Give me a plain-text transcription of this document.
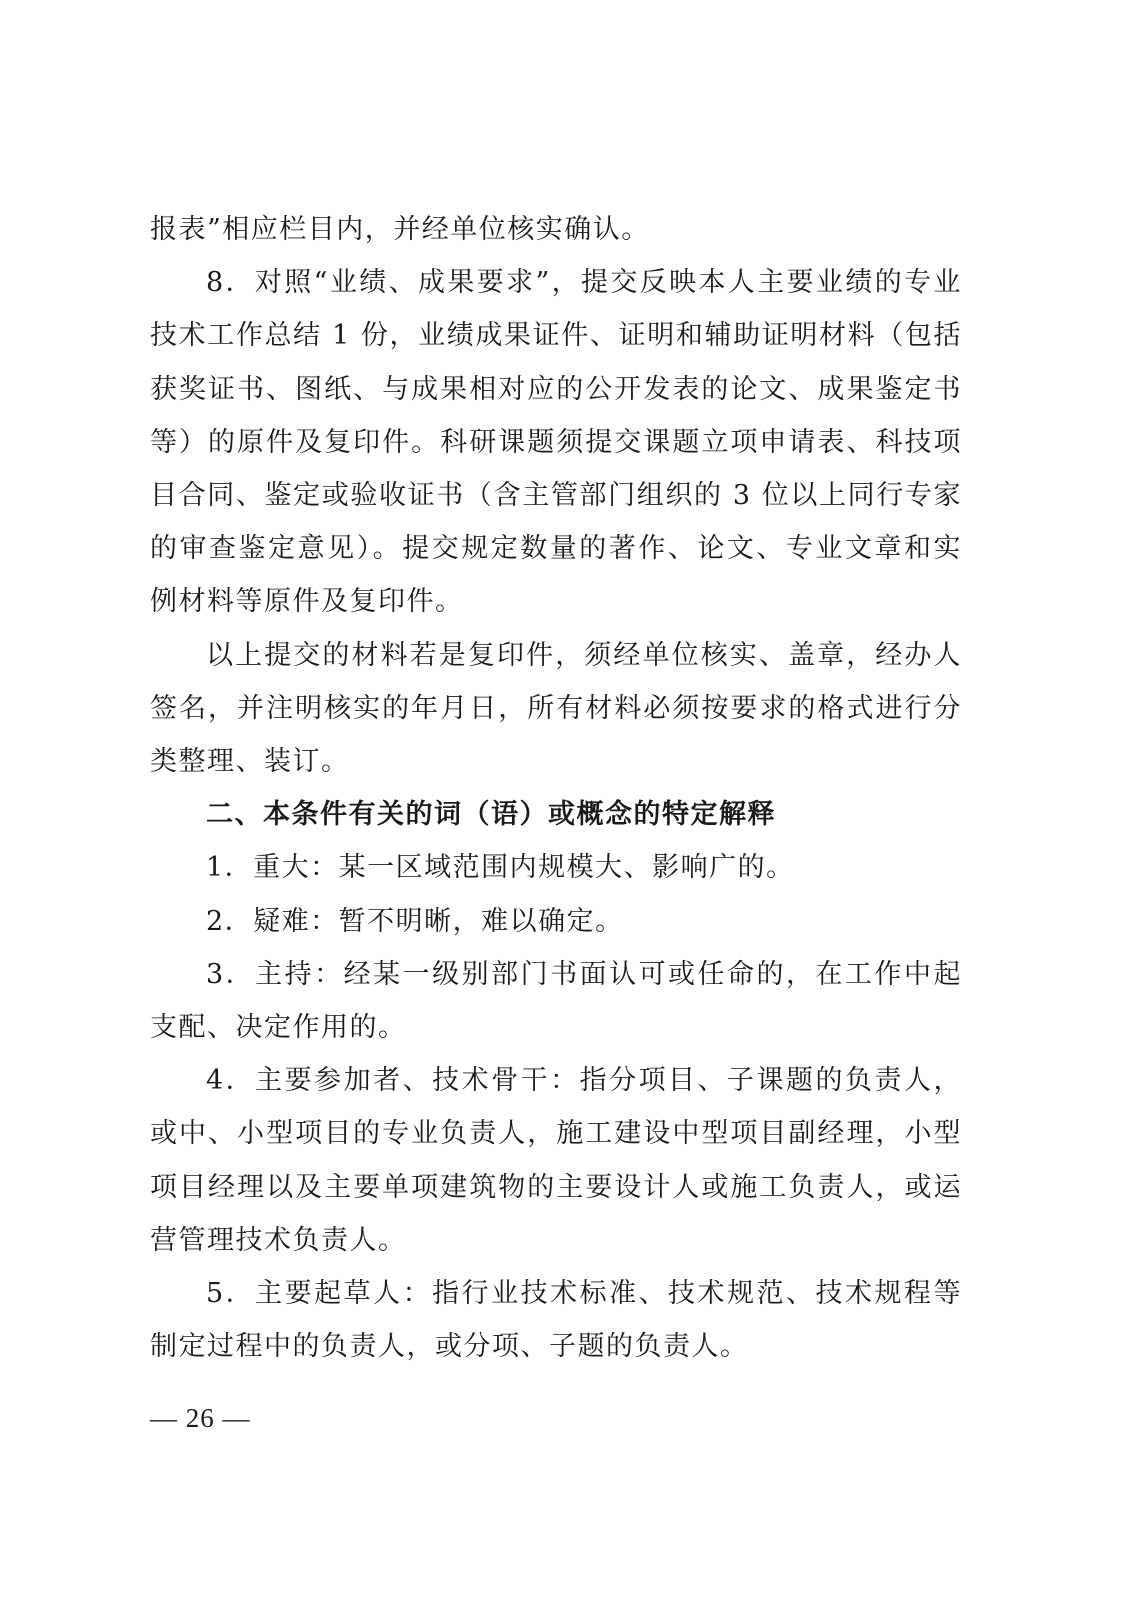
报表”相应栏目内，并经单位核实确认。

8．对照“业绩、成果要求”，提交反映本人主要业绩的专业技术工作总结 1 份，业绩成果证件、证明和辅助证明材料（包括获奖证书、图纸、与成果相对应的公开发表的论文、成果鉴定书等）的原件及复印件。科研课题须提交课题立项申请表、科技项目合同、鉴定或验收证书（含主管部门组织的 3 位以上同行专家的审查鉴定意见）。提交规定数量的著作、论文、专业文章和实例材料等原件及复印件。

以上提交的材料若是复印件，须经单位核实、盖章，经办人签名，并注明核实的年月日，所有材料必须按要求的格式进行分类整理、装订。

二、本条件有关的词（语）或概念的特定解释

1．重大：某一区域范围内规模大、影响广的。

2．疑难：暂不明晰，难以确定。

3．主持：经某一级别部门书面认可或任命的，在工作中起支配、决定作用的。

4．主要参加者、技术骨干：指分项目、子课题的负责人，或中、小型项目的专业负责人，施工建设中型项目副经理，小型项目经理以及主要单项建筑物的主要设计人或施工负责人，或运营管理技术负责人。

5．主要起草人：指行业技术标准、技术规范、技术规程等制定过程中的负责人，或分项、子题的负责人。

— 26 —
